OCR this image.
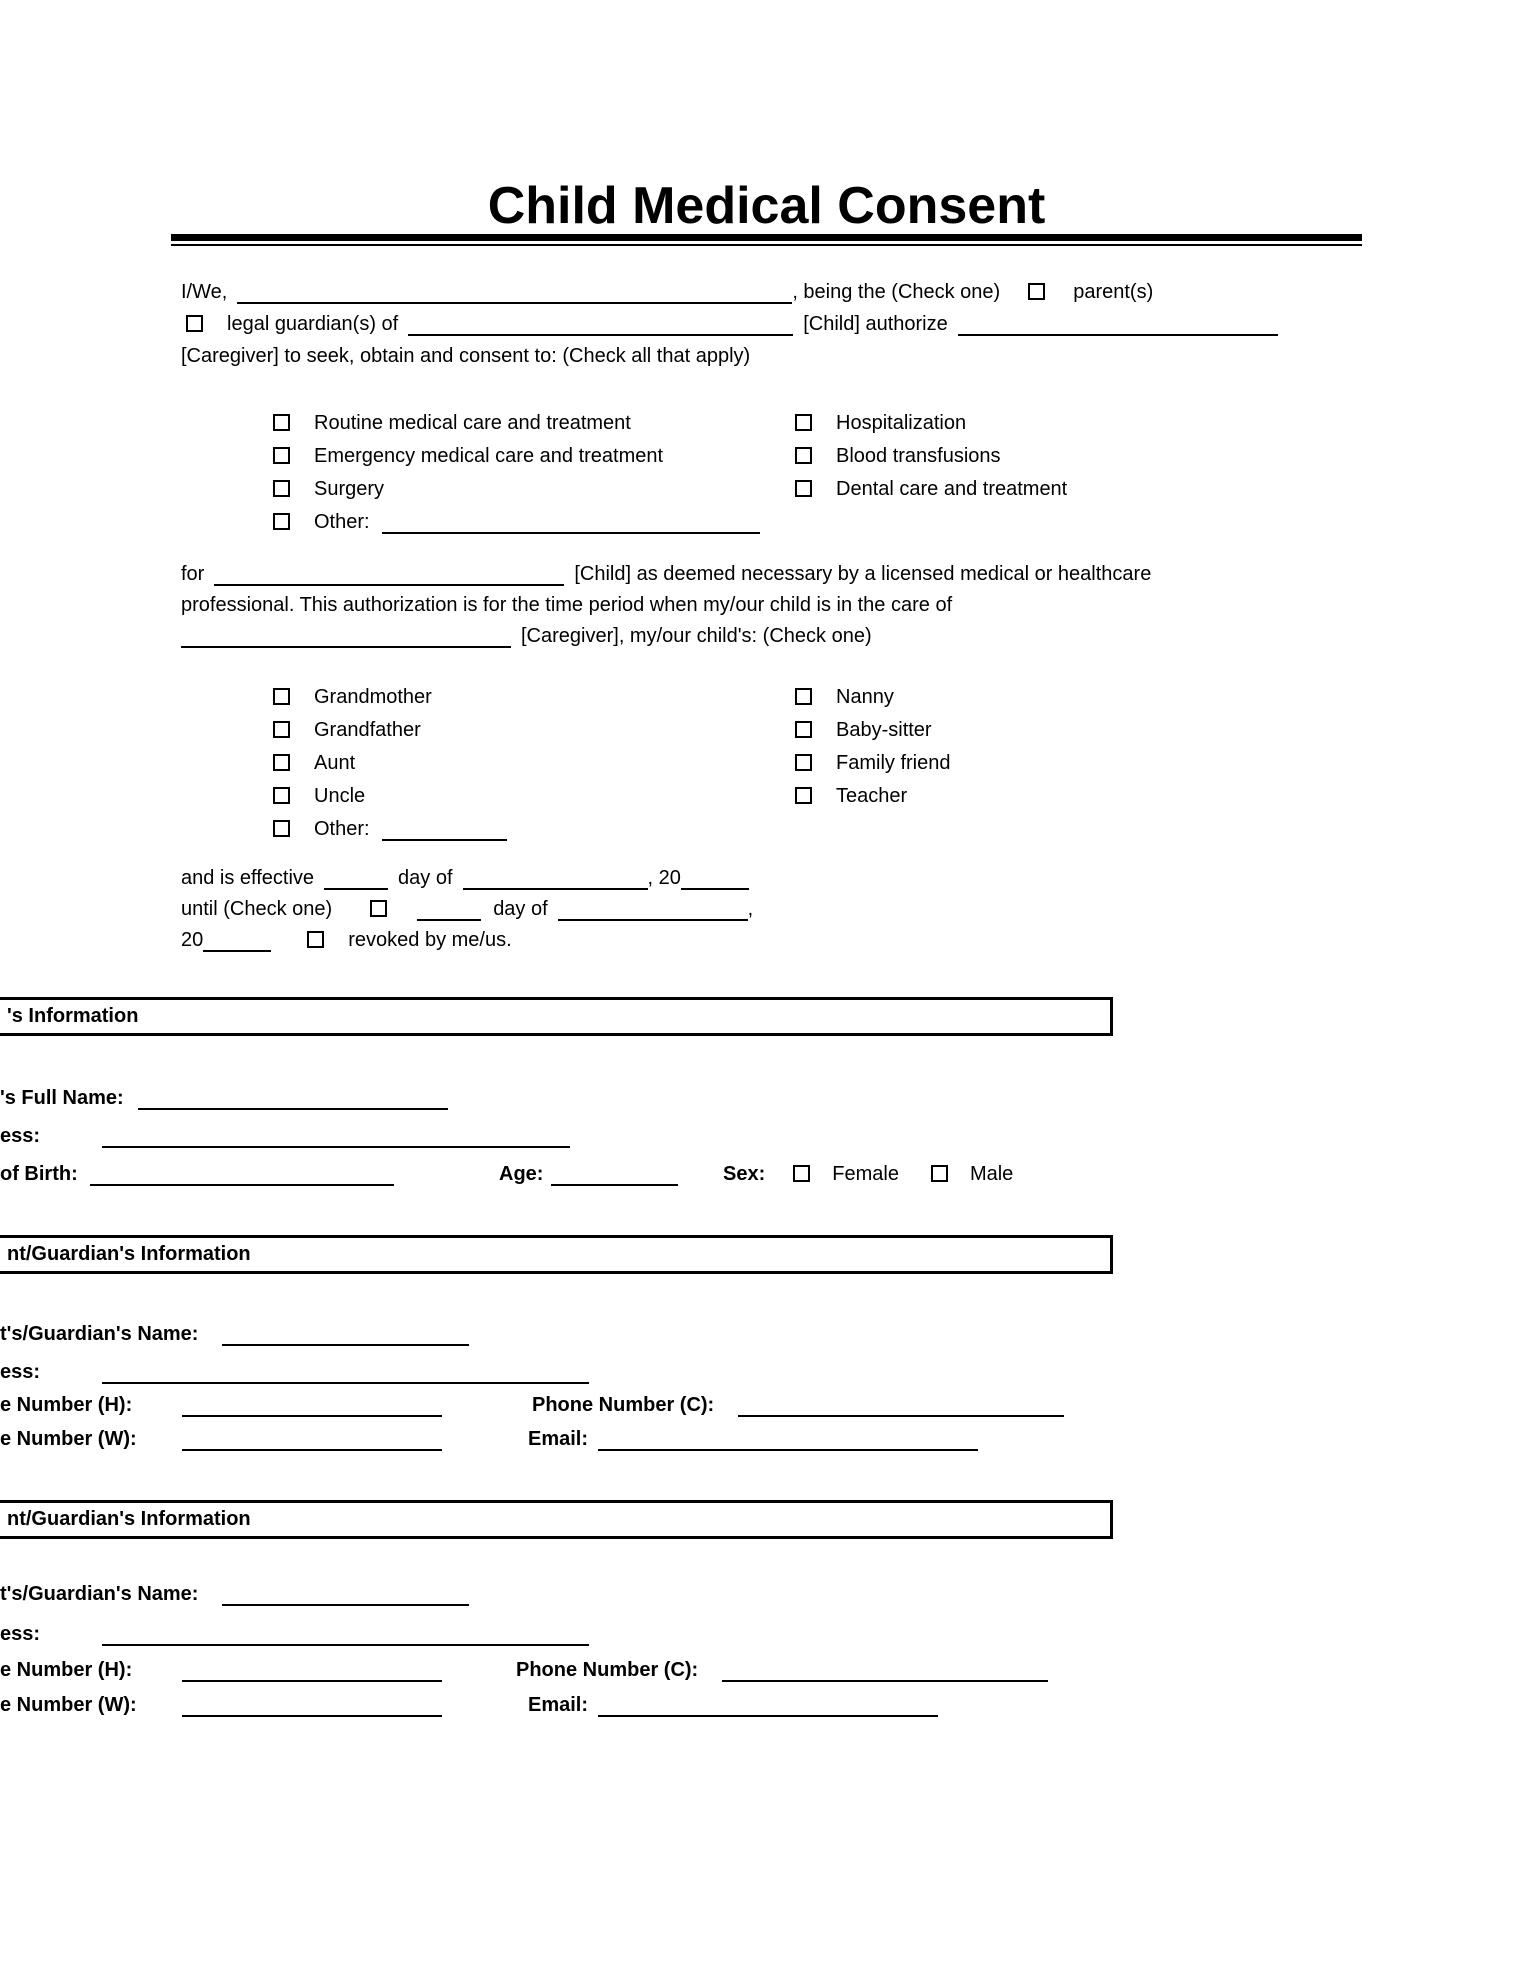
Child Medical Consent
I/We,	, being the (Check one)	parent(s)
legal guardian(s) of	[Child] authorize
[Caregiver] to seek, obtain and consent to: (Check all that apply)
Routine medical care and treatment
Emergency medical care and treatment
Surgery
Other:
Hospitalization
Blood transfusions
Dental care and treatment
for	[Child] as deemed necessary by a licensed medical or healthcare
professional. This authorization is for the time period when my/our child is in the care of
[Caregiver], my/our child's: (Check one)
Grandmother
Grandfather
Aunt
Uncle
Other:
Nanny
Baby-sitter
Family friend
Teacher
and is effective	day of	, 20
until (Check one)	day of	,
20	revoked by me/us.
's Information
's Full Name:
ess:
of Birth:	Age:	Sex:	Female	Male
nt/Guardian's Information
t's/Guardian's Name:
ess:
e Number (H):	Phone Number (C):
e Number (W):	Email:
nt/Guardian's Information
t's/Guardian's Name:
ess:
e Number (H):	Phone Number (C):
e Number (W):	Email:
